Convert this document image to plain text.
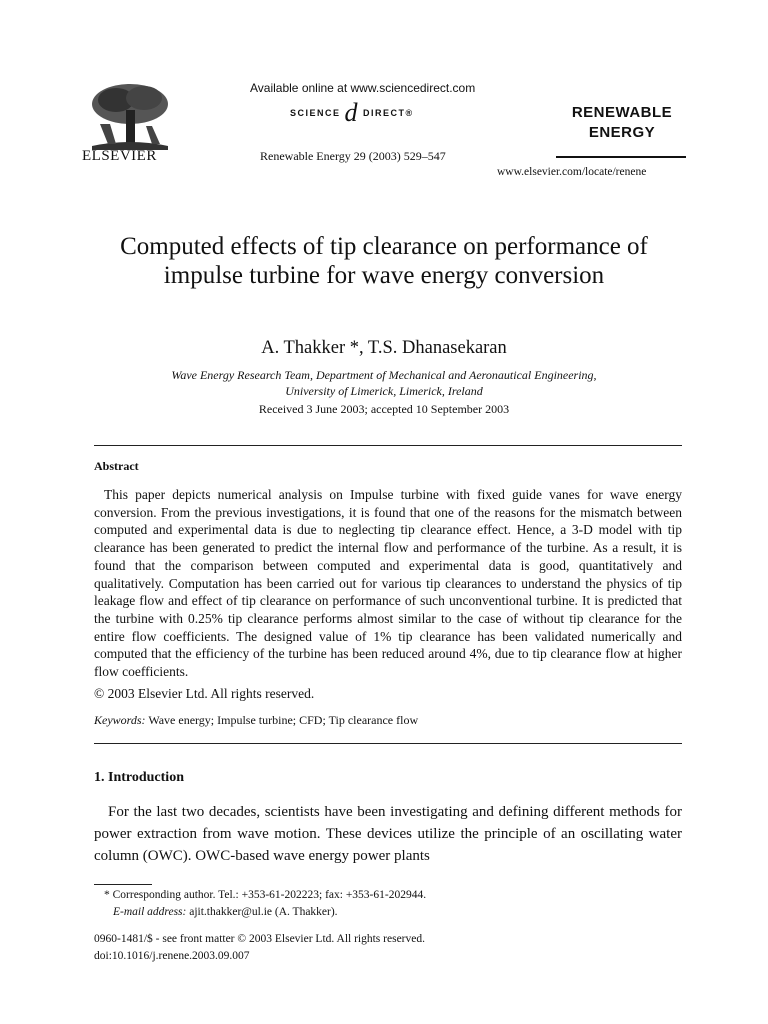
ELSEVIER
Available online at www.sciencedirect.com
SCIENCE d DIRECT®
Renewable Energy 29 (2003) 529–547
RENEWABLE
ENERGY
www.elsevier.com/locate/renene
Computed effects of tip clearance on performance of impulse turbine for wave energy conversion
A. Thakker *, T.S. Dhanasekaran
Wave Energy Research Team, Department of Mechanical and Aeronautical Engineering,
University of Limerick, Limerick, Ireland
Received 3 June 2003; accepted 10 September 2003
Abstract
This paper depicts numerical analysis on Impulse turbine with fixed guide vanes for wave energy conversion. From the previous investigations, it is found that one of the reasons for the mismatch between computed and experimental data is due to neglecting tip clearance effect. Hence, a 3-D model with tip clearance has been generated to predict the internal flow and performance of the turbine. As a result, it is found that the comparison between computed and experimental data is good, quantitatively and qualitatively. Computation has been carried out for various tip clearances to understand the physics of tip leakage flow and effect of tip clearance on performance of such unconventional turbine. It is predicted that the turbine with 0.25% tip clearance performs almost similar to the case of without tip clearance for the entire flow coefficients. The designed value of 1% tip clearance has been validated numerically and computed that the efficiency of the turbine has been reduced around 4%, due to tip clearance flow at higher flow coefficients.
© 2003 Elsevier Ltd. All rights reserved.
Keywords: Wave energy; Impulse turbine; CFD; Tip clearance flow
1. Introduction
For the last two decades, scientists have been investigating and defining different methods for power extraction from wave motion. These devices utilize the principle of an oscillating water column (OWC). OWC-based wave energy power plants
* Corresponding author. Tel.: +353-61-202223; fax: +353-61-202944.
E-mail address: ajit.thakker@ul.ie (A. Thakker).
0960-1481/$ - see front matter © 2003 Elsevier Ltd. All rights reserved.
doi:10.1016/j.renene.2003.09.007
